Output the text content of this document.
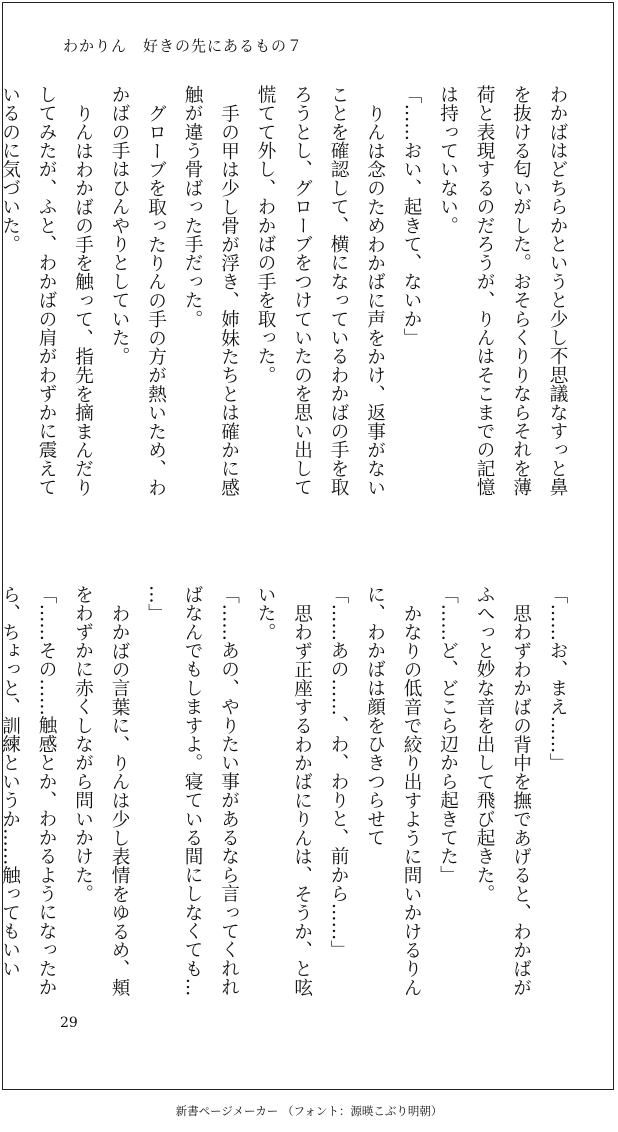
わかりん　好きの先にあるもの７

わかばはどちらかというと少し不思議なすっと鼻

を抜ける匂いがした。おそらくりりならそれを薄

荷と表現するのだろうが、りんはそこまでの記憶

は持っていない。

「……おい、起きて、ないか」

りんは念のためわかばに声をかけ、返事がない

ことを確認して、横になっているわかばの手を取

ろうとし、グローブをつけていたのを思い出して

慌てて外し、わかばの手を取った。

手の甲は少し骨が浮き、姉妹たちとは確かに感

触が違う骨ばった手だった。

グローブを取ったりんの手の方が熱いため、わ

かばの手はひんやりとしていた。

りんはわかばの手を触って、指先を摘まんだり

してみたが、ふと、わかばの肩がわずかに震えて

いるのに気づいた。

「……お、まえ……」

思わずわかばの背中を撫であげると、わかばが

ふへっと妙な音を出して飛び起きた。

「……ど、どこら辺から起きてた」

かなりの低音で絞り出すように問いかけるりん

に、わかばは顔をひきつらせて

「……あの……、わ、わりと、前から……」

思わず正座するわかばにりんは、そうか、と呟

いた。

「……あの、やりたい事があるなら言ってくれれ

ばなんでもしますよ。寝ている間にしなくても…

…」

わかばの言葉に、りんは少し表情をゆるめ、頬

をわずかに赤くしながら問いかけた。

「……その……触感とか、わかるようになったか

ら、ちょっと、訓練というか……触ってもいい

29
新書ページメーカー （フォント：源暎こぶり明朝）
